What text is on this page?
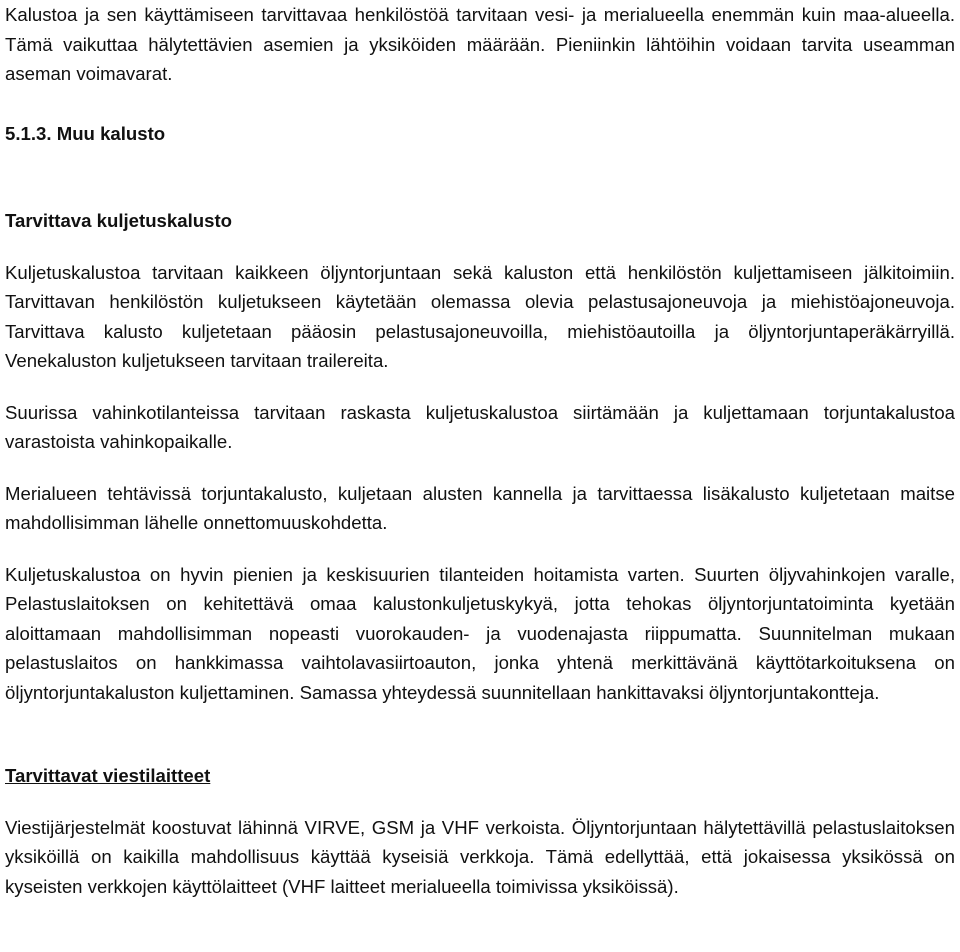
Kalustoa ja sen käyttämiseen tarvittavaa henkilöstöä tarvitaan vesi- ja merialueella enemmän kuin maa-alueella. Tämä vaikuttaa hälytettävien asemien ja yksiköiden määrään. Pieniinkin lähtöihin voidaan tarvita useamman aseman voimavarat.

5.1.3. Muu kalusto
Tarvittava kuljetuskalusto

Kuljetuskalustoa tarvitaan kaikkeen öljyntorjuntaan sekä kaluston että henkilöstön kuljettamiseen jälkitoimiin. Tarvittavan henkilöstön kuljetukseen käytetään olemassa olevia pelastusajoneuvoja ja miehistöajoneuvoja. Tarvittava kalusto kuljetetaan pääosin pelastusajoneuvoilla, miehistöautoilla ja öljyntorjuntaperäkärryillä. Venekaluston kuljetukseen tarvitaan trailereita.

Suurissa vahinkotilanteissa tarvitaan raskasta kuljetuskalustoa siirtämään ja kuljettamaan torjuntakalustoa varastoista vahinkopaikalle.

Merialueen tehtävissä torjuntakalusto, kuljetaan alusten kannella ja tarvittaessa lisäkalusto kuljetetaan maitse mahdollisimman lähelle onnettomuuskohdetta.

Kuljetuskalustoa on hyvin pienien ja keskisuurien tilanteiden hoitamista varten. Suurten öljyvahinkojen varalle, Pelastuslaitoksen on kehitettävä omaa kalustonkuljetuskykyä, jotta tehokas öljyntorjuntatoiminta kyetään aloittamaan mahdollisimman nopeasti vuorokauden- ja vuodenajasta riippumatta. Suunnitelman mukaan pelastuslaitos on hankkimassa vaihtolavasiirtoauton, jonka yhtenä merkittävänä käyttötarkoituksena on öljyntorjuntakaluston kuljettaminen. Samassa yhteydessä suunnitellaan hankittavaksi öljyntorjuntakontteja.

Tarvittavat viestilaitteet

Viestijärjestelmät koostuvat lähinnä VIRVE, GSM ja VHF verkoista. Öljyntorjuntaan hälytettävillä pelastuslaitoksen yksiköillä on kaikilla mahdollisuus käyttää kyseisiä verkkoja. Tämä edellyttää, että jokaisessa yksikössä on kyseisten verkkojen käyttölaitteet (VHF laitteet merialueella toimivissa yksiköissä).
